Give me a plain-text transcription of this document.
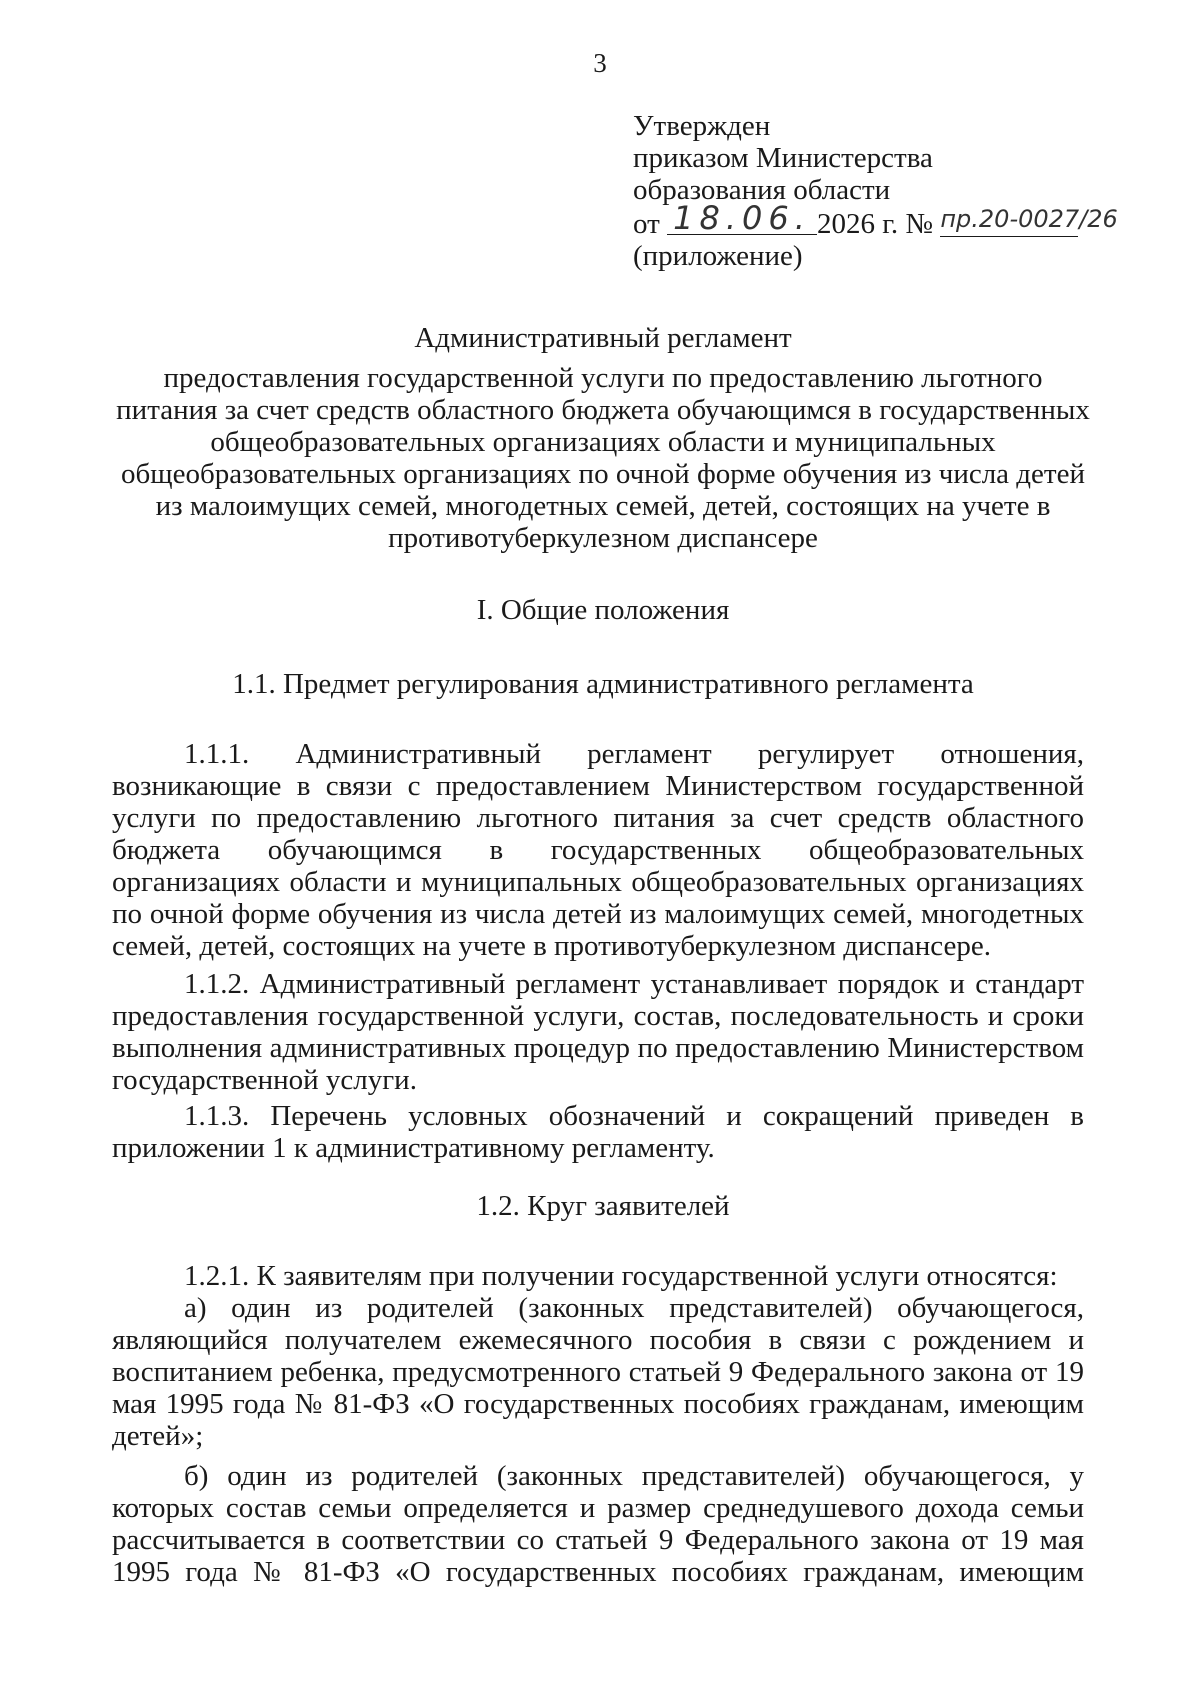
3
Утвержден
приказом Министерства
образования области
от 18.06. 2026 г. № $^{пр.20-0027/26}$
(приложение)
Административный регламент
предоставления государственной услуги по предоставлению льготного питания за счет средств областного бюджета обучающимся в государственных общеобразовательных организациях области и муниципальных общеобразовательных организациях по очной форме обучения из числа детей из малоимущих семей, многодетных семей, детей, состоящих на учете в противотуберкулезном диспансере
I. Общие положения
1.1. Предмет регулирования административного регламента
1.1.1. Административный регламент регулирует отношения, возникающие в связи с предоставлением Министерством государственной услуги по предоставлению льготного питания за счет средств областного бюджета обучающимся в государственных общеобразовательных организациях области и муниципальных общеобразовательных организациях по очной форме обучения из числа детей из малоимущих семей, многодетных семей, детей, состоящих на учете в противотуберкулезном диспансере.
1.1.2. Административный регламент устанавливает порядок и стандарт предоставления государственной услуги, состав, последовательность и сроки выполнения административных процедур по предоставлению Министерством государственной услуги.
1.1.3. Перечень условных обозначений и сокращений приведен в приложении 1 к административному регламенту.
1.2. Круг заявителей
1.2.1. К заявителям при получении государственной услуги относятся:
а) один из родителей (законных представителей) обучающегося, являющийся получателем ежемесячного пособия в связи с рождением и воспитанием ребенка, предусмотренного статьей 9 Федерального закона от 19 мая 1995 года № 81-ФЗ «О государственных пособиях гражданам, имеющим детей»;
б) один из родителей (законных представителей) обучающегося, у которых состав семьи определяется и размер среднедушевого дохода семьи рассчитывается в соответствии со статьей 9 Федерального закона от 19 мая 1995 года № 81-ФЗ «О государственных пособиях гражданам, имеющим
